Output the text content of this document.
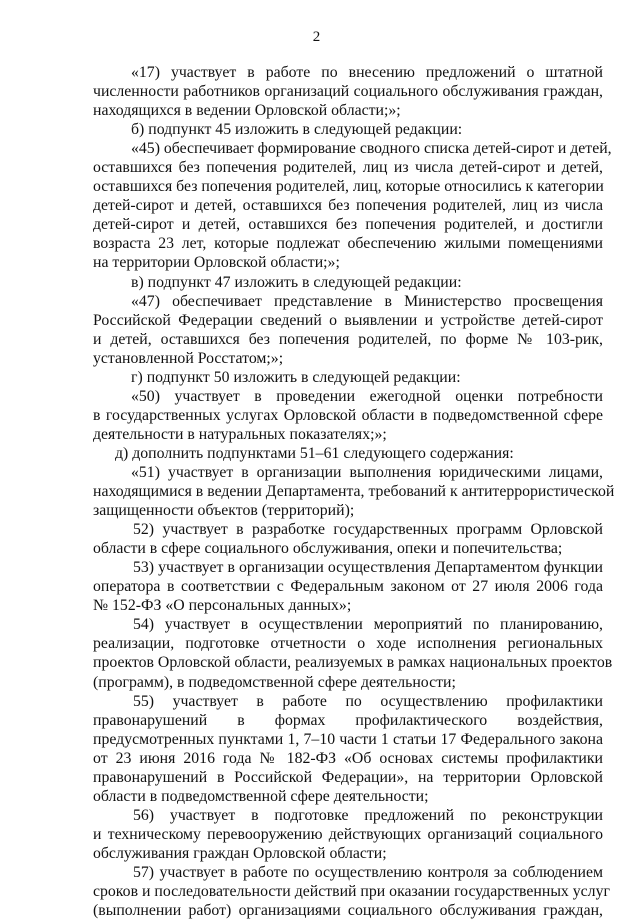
2
«17) участвует в работе по внесению предложений о штатной
численности работников организаций социального обслуживания граждан,
находящихся в ведении Орловской области;»;
б) подпункт 45 изложить в следующей редакции:
«45) обеспечивает формирование сводного списка детей-сирот и детей,
оставшихся без попечения родителей, лиц из числа детей-сирот и детей,
оставшихся без попечения родителей, лиц, которые относились к категории
детей-сирот и детей, оставшихся без попечения родителей, лиц из числа
детей-сирот и детей, оставшихся без попечения родителей, и достигли
возраста 23 лет, которые подлежат обеспечению жилыми помещениями
на территории Орловской области;»;
в) подпункт 47 изложить в следующей редакции:
«47) обеспечивает представление в Министерство просвещения
Российской Федерации сведений о выявлении и устройстве детей-сирот
и детей, оставшихся без попечения родителей, по форме № 103-рик,
установленной Росстатом;»;
г) подпункт 50 изложить в следующей редакции:
«50) участвует в проведении ежегодной оценки потребности
в государственных услугах Орловской области в подведомственной сфере
деятельности в натуральных показателях;»;
д) дополнить подпунктами 51–61 следующего содержания:
«51) участвует в организации выполнения юридическими лицами,
находящимися в ведении Департамента, требований к антитеррористической
защищенности объектов (территорий);
52) участвует в разработке государственных программ Орловской
области в сфере социального обслуживания, опеки и попечительства;
53) участвует в организации осуществления Департаментом функции
оператора в соответствии с Федеральным законом от 27 июля 2006 года
№ 152-ФЗ «О персональных данных»;
54) участвует в осуществлении мероприятий по планированию,
реализации, подготовке отчетности о ходе исполнения региональных
проектов Орловской области, реализуемых в рамках национальных проектов
(программ), в подведомственной сфере деятельности;
55) участвует в работе по осуществлению профилактики
правонарушений в формах профилактического воздействия,
предусмотренных пунктами 1, 7–10 части 1 статьи 17 Федерального закона
от 23 июня 2016 года № 182-ФЗ «Об основах системы профилактики
правонарушений в Российской Федерации», на территории Орловской
области в подведомственной сфере деятельности;
56) участвует в подготовке предложений по реконструкции
и техническому перевооружению действующих организаций социального
обслуживания граждан Орловской области;
57) участвует в работе по осуществлению контроля за соблюдением
сроков и последовательности действий при оказании государственных услуг
(выполнении работ) организациями социального обслуживания граждан,
